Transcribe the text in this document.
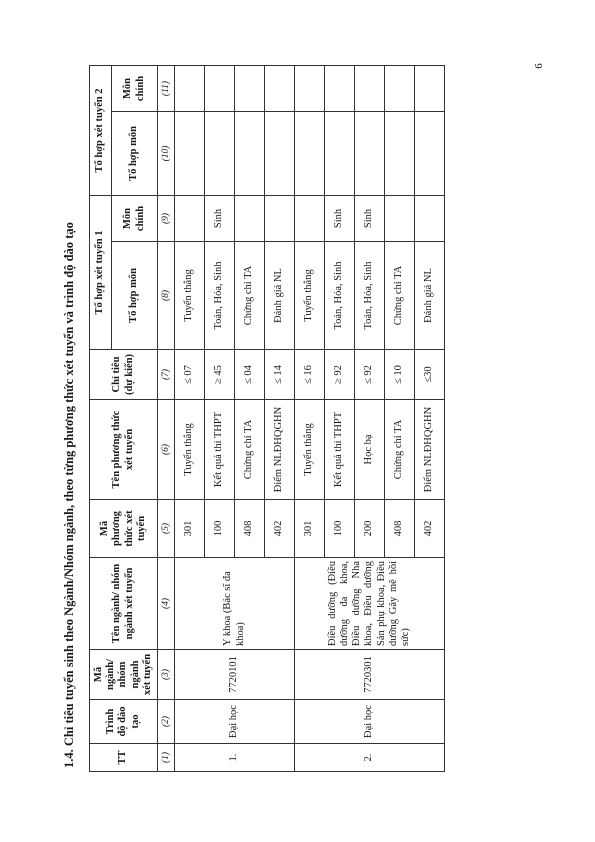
6
1.4. Chỉ tiêu tuyển sinh theo Ngành/Nhóm ngành, theo từng phương thức xét tuyển và trình độ đào tạo	TT	Trình độ đào tạo	Mã ngành/ nhóm ngành xét tuyển	Tên ngành/ nhóm ngành xét tuyển	Mã phương thức xét tuyển	Tên phương thức xét tuyển	Chỉ tiêu (dự kiến)	Tổ hợp xét tuyển 1		Tổ hợp xét tuyển 2	
							Tổ hợp môn	Môn chính	Tổ hợp môn	Môn chính
(1)	(2)	(3)	(4)	(5)	(6)	(7)	(8)	(9)	(10)	(11)
1.	Đại học	7720101	Y khoa (Bác sĩ đa khoa)	301	Tuyển thẳng	≤ 07	Tuyển thẳng			
				100	Kết quả thi THPT	≥ 45	Toán, Hóa, Sinh	Sinh		
				408	Chứng chỉ TA	≤ 04	Chứng chỉ TA			
				402	Điểm NLĐHQGHN	≤ 14	Đánh giá NL			
2.	Đại học	7720301	Điều dưỡng (Điều dưỡng đa khoa, Điều dưỡng Nha khoa, Điều dưỡng Sản phụ khoa, Điều dưỡng Gây mê hồi sức)	301	Tuyển thẳng	≤ 16	Tuyển thẳng			
				100	Kết quả thi THPT	≥ 92	Toán, Hóa, Sinh	Sinh		
				200	Học bạ	≤ 92	Toán, Hóa, Sinh	Sinh		
				408	Chứng chỉ TA	≤ 10	Chứng chỉ TA			
				402	Điểm NLĐHQGHN	≤30	Đánh giá NL			
